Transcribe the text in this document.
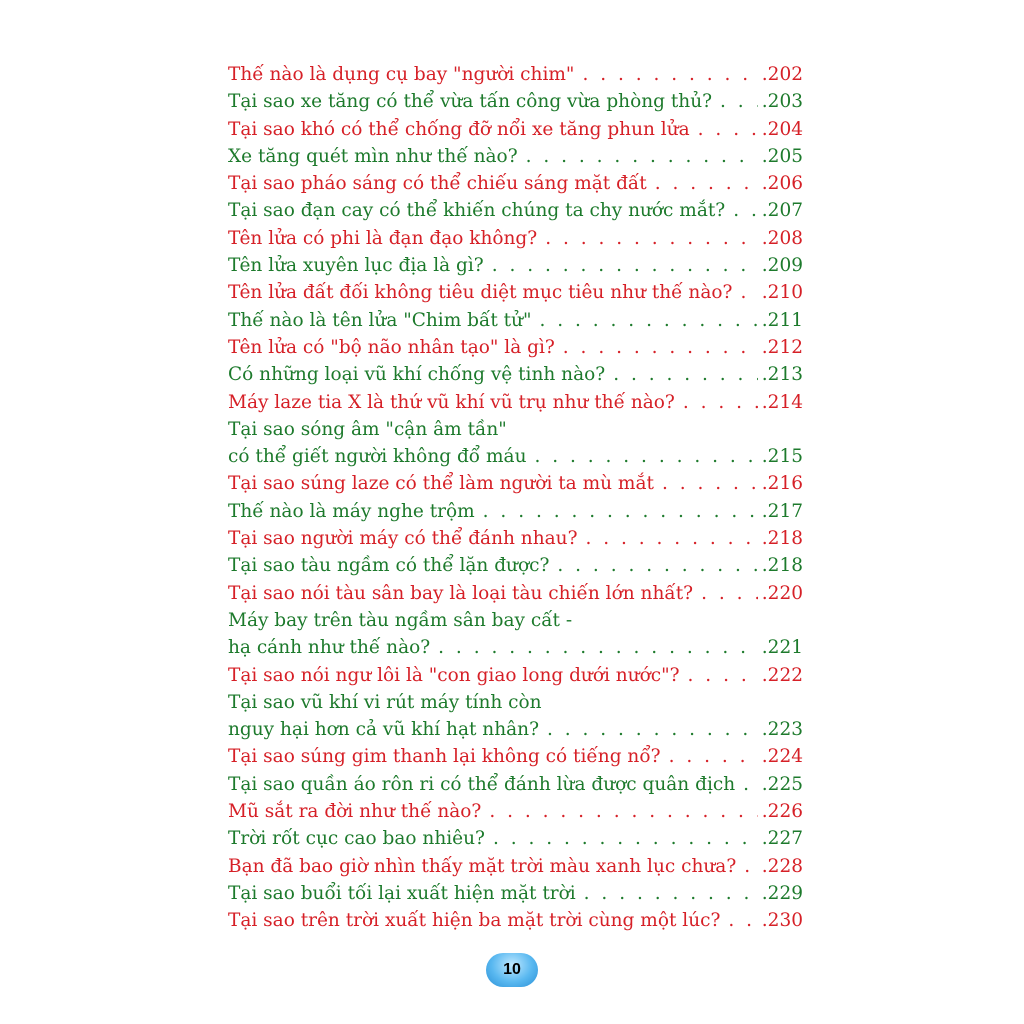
Thế nào là dụng cụ bay "người chim" . . .	.202
Tại sao xe tăng có thể vừa tấn công vừa phòng thủ? . . .	.203
Tại sao khó có thể chống đỡ nổi xe tăng phun lửa . . .	.204
Xe tăng quét mìn như thế nào? . . .	.205
Tại sao pháo sáng có thể chiếu sáng mặt đất . . .	.206
Tại sao đạn cay có thể khiến chúng ta chy nước mắt? . . . .207
Tên lửa có phi là đạn đạo không? . . .	.208
Tên lửa xuyên lục địa là gì? . . .	.209
Tên lửa đất đối không tiêu diệt mục tiêu như thế nào? . . . .210
Thế nào là tên lửa "Chim bất tử" . . .	.211
Tên lửa có "bộ não nhân tạo" là gì? . . .	.212
Có những loại vũ khí chống vệ tinh nào? . . .	.213
Máy laze tia X là thứ vũ khí vũ trụ như thế nào? . . .	.214
Tại sao sóng âm "cận âm tần"
có thể giết người không đổ máu . . .	.215
Tại sao súng laze có thể làm người ta mù mắt . . .	.216
Thế nào là máy nghe trộm . . .	.217
Tại sao người máy có thể đánh nhau? . . .	.218
Tại sao tàu ngầm có thể lặn được? . . .	.218
Tại sao nói tàu sân bay là loại tàu chiến lớn nhất? . . .	.220
Máy bay trên tàu ngầm sân bay cất -
hạ cánh như thế nào? . . .	.221
Tại sao nói ngư lôi là "con giao long dưới nước"? . . .	.222
Tại sao vũ khí vi rút máy tính còn
nguy hại hơn cả vũ khí hạt nhân? . . .	.223
Tại sao súng gim thanh lại không có tiếng nổ? . . .	.224
Tại sao quần áo rôn ri có thể đánh lừa được quân địch . . . .225
Mũ sắt ra đời như thế nào? . . .	.226
Trời rốt cục cao bao nhiêu? . . .	.227
Bạn đã bao giờ nhìn thấy mặt trời màu xanh lục chưa? . . . .228
Tại sao buổi tối lại xuất hiện mặt trời . . .	.229
Tại sao trên trời xuất hiện ba mặt trời cùng một lúc? . . . .230
10
